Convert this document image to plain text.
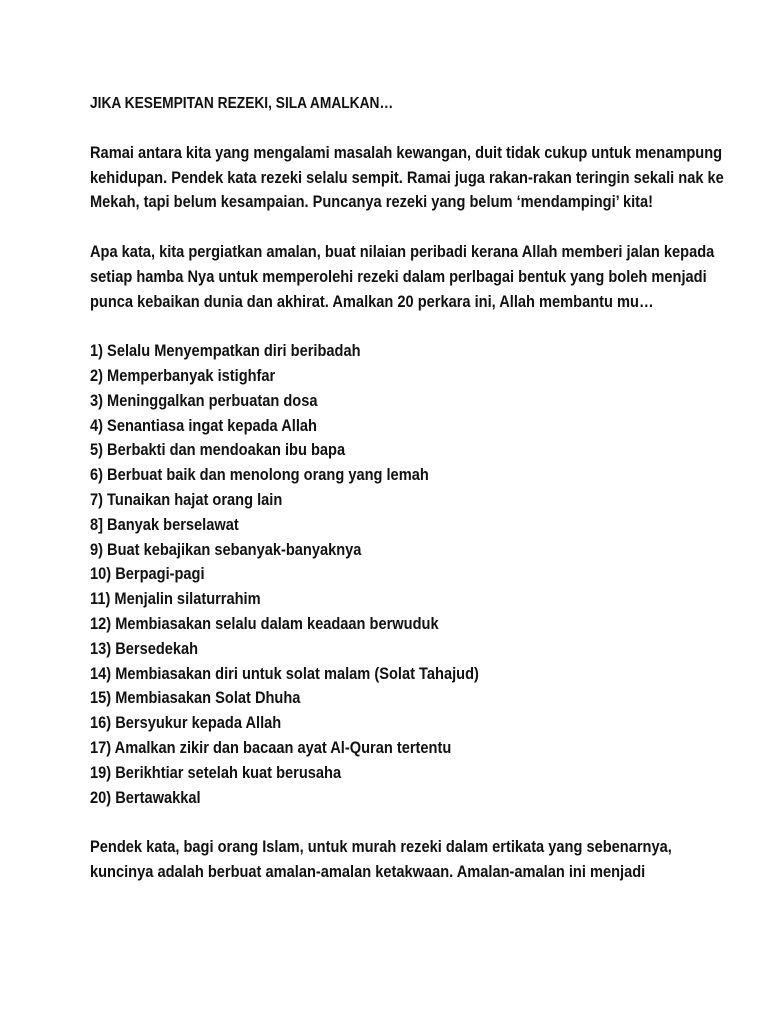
JIKA KESEMPITAN REZEKI, SILA AMALKAN…

Ramai antara kita yang mengalami masalah kewangan, duit tidak cukup untuk menampung kehidupan. Pendek kata rezeki selalu sempit. Ramai juga rakan-rakan teringin sekali nak ke Mekah, tapi belum kesampaian. Puncanya rezeki yang belum ‘mendampingi’ kita!

Apa kata, kita pergiatkan amalan, buat nilaian peribadi kerana Allah memberi jalan kepada setiap hamba Nya untuk memperolehi rezeki dalam perlbagai bentuk yang boleh menjadi punca kebaikan dunia dan akhirat. Amalkan 20 perkara ini, Allah membantu mu…

1) Selalu Menyempatkan diri beribadah
2) Memperbanyak istighfar
3) Meninggalkan perbuatan dosa
4) Senantiasa ingat kepada Allah
5) Berbakti dan mendoakan ibu bapa
6) Berbuat baik dan menolong orang yang lemah
7) Tunaikan hajat orang lain
8] Banyak berselawat
9) Buat kebajikan sebanyak-banyaknya
10) Berpagi-pagi
11) Menjalin silaturrahim
12) Membiasakan selalu dalam keadaan berwuduk
13) Bersedekah
14) Membiasakan diri untuk solat malam (Solat Tahajud)
15) Membiasakan Solat Dhuha
16) Bersyukur kepada Allah
17) Amalkan zikir dan bacaan ayat Al-Quran tertentu
19) Berikhtiar setelah kuat berusaha
20) Bertawakkal

Pendek kata, bagi orang Islam, untuk murah rezeki dalam ertikata yang sebenarnya, kuncinya adalah berbuat amalan-amalan ketakwaan. Amalan-amalan ini menjadi
